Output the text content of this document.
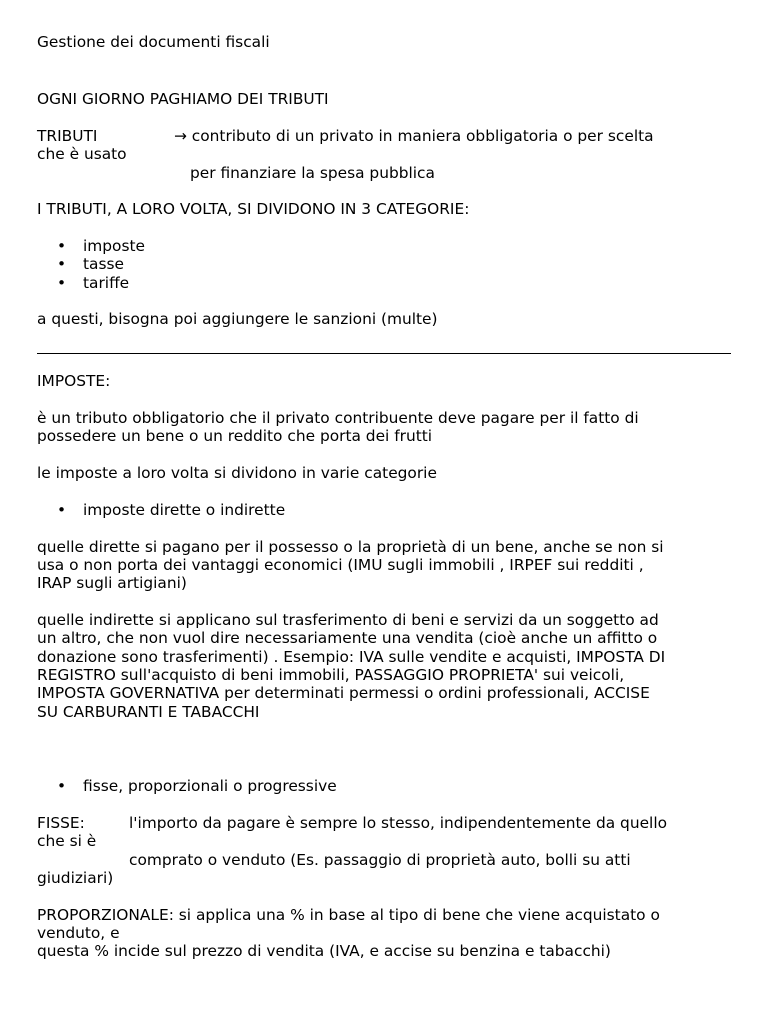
Gestione dei documenti fiscali
OGNI GIORNO PAGHIAMO DEI TRIBUTI
TRIBUTI	→ contributo di un privato in maniera obbligatoria o per scelta
che è usato
per finanziare la spesa pubblica
I TRIBUTI, A LORO VOLTA, SI DIVIDONO IN 3 CATEGORIE:
• imposte
• tasse
• tariffe
a questi, bisogna poi aggiungere le sanzioni (multe)
IMPOSTE:
è un tributo obbligatorio che il privato contribuente deve pagare per il fatto di
possedere un bene o un reddito che porta dei frutti
le imposte a loro volta si dividono in varie categorie
• imposte dirette o indirette
quelle dirette si pagano per il possesso o la proprietà di un bene, anche se non si
usa o non porta dei vantaggi economici (IMU sugli immobili , IRPEF sui redditi ,
IRAP sugli artigiani)
quelle indirette si applicano sul trasferimento di beni e servizi da un soggetto ad
un altro, che non vuol dire necessariamente una vendita (cioè anche un affitto o
donazione sono trasferimenti) . Esempio: IVA sulle vendite e acquisti, IMPOSTA DI
REGISTRO sull'acquisto di beni immobili, PASSAGGIO PROPRIETA' sui veicoli,
IMPOSTA GOVERNATIVA per determinati permessi o ordini professionali, ACCISE
SU CARBURANTI E TABACCHI
• fisse, proporzionali o progressive
FISSE:	l'importo da pagare è sempre lo stesso, indipendentemente da quello
che si è
comprato o venduto (Es. passaggio di proprietà auto, bolli su atti
giudiziari)
PROPORZIONALE: si applica una % in base al tipo di bene che viene acquistato o
venduto, e
questa % incide sul prezzo di vendita (IVA, e accise su benzina e tabacchi)
